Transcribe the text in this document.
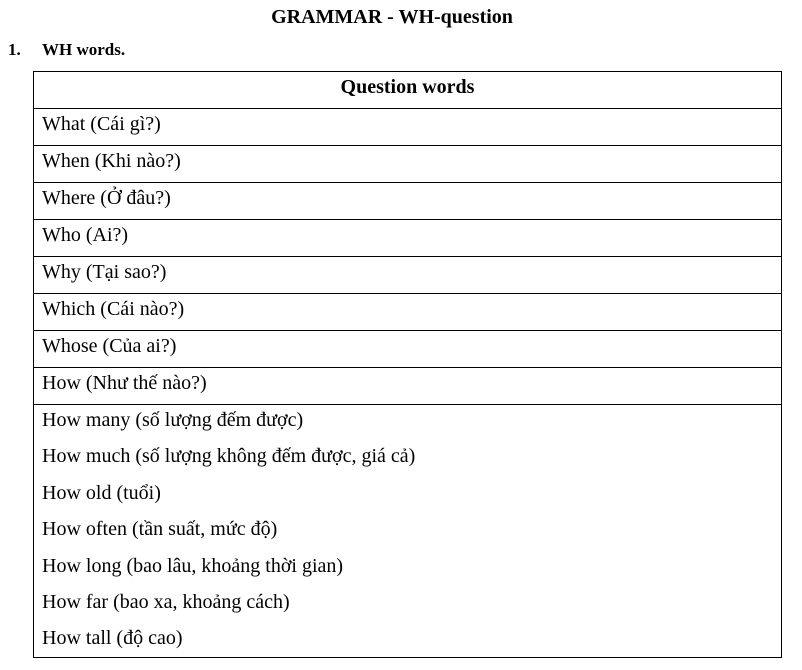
GRAMMAR - WH-question
1. WH words.
Question words
What (Cái gì?)
When (Khi nào?)
Where (Ở đâu?)
Who (Ai?)
Why (Tại sao?)
Which (Cái nào?)
Whose (Của ai?)
How (Như thế nào?)
How many (số lượng đếm được)
How much (số lượng không đếm được, giá cả)
How old (tuổi)
How often (tần suất, mức độ)
How long (bao lâu, khoảng thời gian)
How far (bao xa, khoảng cách)
How tall (độ cao)
